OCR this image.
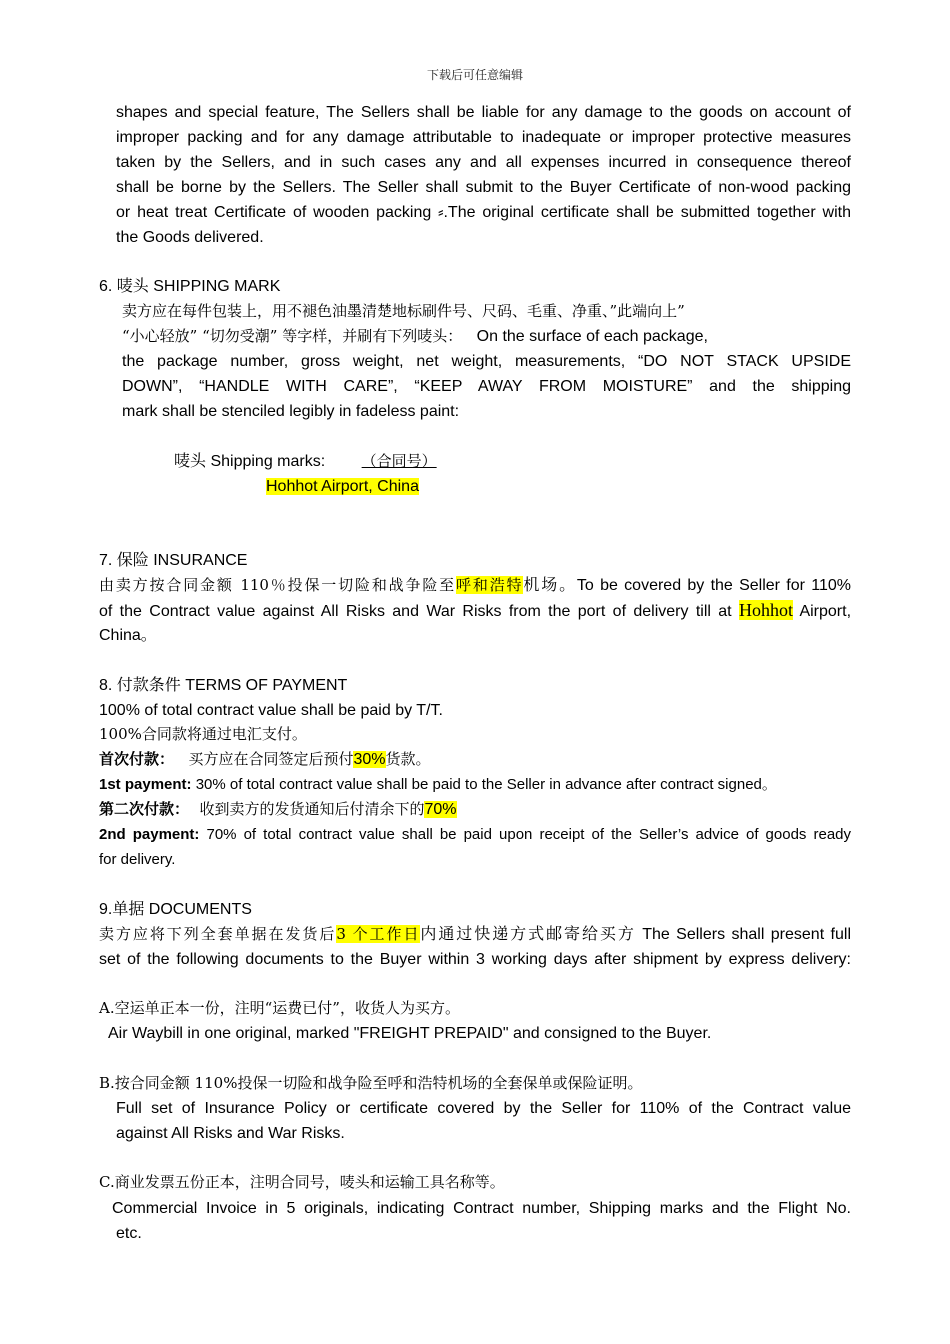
下载后可任意编辑
shapes and special feature, The Sellers shall be liable for any damage to the goods on account of
improper packing and for any damage attributable to inadequate or improper protective measures
taken by the Sellers, and in such cases any and all expenses incurred in consequence thereof
shall be borne by the Sellers. The Seller shall submit to the Buyer Certificate of non-wood packing
or heat treat Certificate of wooden packing ⸗.The original certificate shall be submitted together with
the Goods delivered.
6. 唛头 SHIPPING MARK
卖方应在每件包装上，用不褪色油墨清楚地标刷件号、尺码、毛重、净重、”此端向上”
“小心轻放” “切勿受潮” 等字样，并刷有下列唛头： On the surface of each package,
the package number, gross weight, net weight, measurements, “DO NOT STACK UPSIDE
DOWN”, “HANDLE WITH CARE”, “KEEP AWAY FROM MOISTURE” and the shipping
mark shall be stenciled legibly in fadeless paint:
唛头 Shipping marks: （合同号）
Hohhot Airport, China
7. 保险 INSURANCE
由卖方按合同金额 110％投保一切险和战争险至呼和浩特机场。To be covered by the Seller for 110%
of the Contract value against All Risks and War Risks from the port of delivery till at Hohhot Airport,
China。
8. 付款条件 TERMS OF PAYMENT
100% of total contract value shall be paid by T/T.
100%合同款将通过电汇支付。
首次付款： 买方应在合同签定后预付30%货款。
1st payment: 30% of total contract value shall be paid to the Seller in advance after contract signed。
第二次付款： 收到卖方的发货通知后付清余下的70%
2nd payment: 70% of total contract value shall be paid upon receipt of the Seller’s advice of goods ready
for delivery.
9.单据 DOCUMENTS
卖方应将下列全套单据在发货后3 个工作日内通过快递方式邮寄给买方 The Sellers shall present full
set of the following documents to the Buyer within 3 working days after shipment by express delivery:
A.空运单正本一份，注明“运费已付”，收货人为买方。
Air Waybill in one original, marked "FREIGHT PREPAID" and consigned to the Buyer.
B.按合同金额 110%投保一切险和战争险至呼和浩特机场的全套保单或保险证明。
Full set of Insurance Policy or certificate covered by the Seller for 110% of the Contract value
against All Risks and War Risks.
C.商业发票五份正本，注明合同号，唛头和运输工具名称等。
Commercial Invoice in 5 originals, indicating Contract number, Shipping marks and the Flight No.
etc.
